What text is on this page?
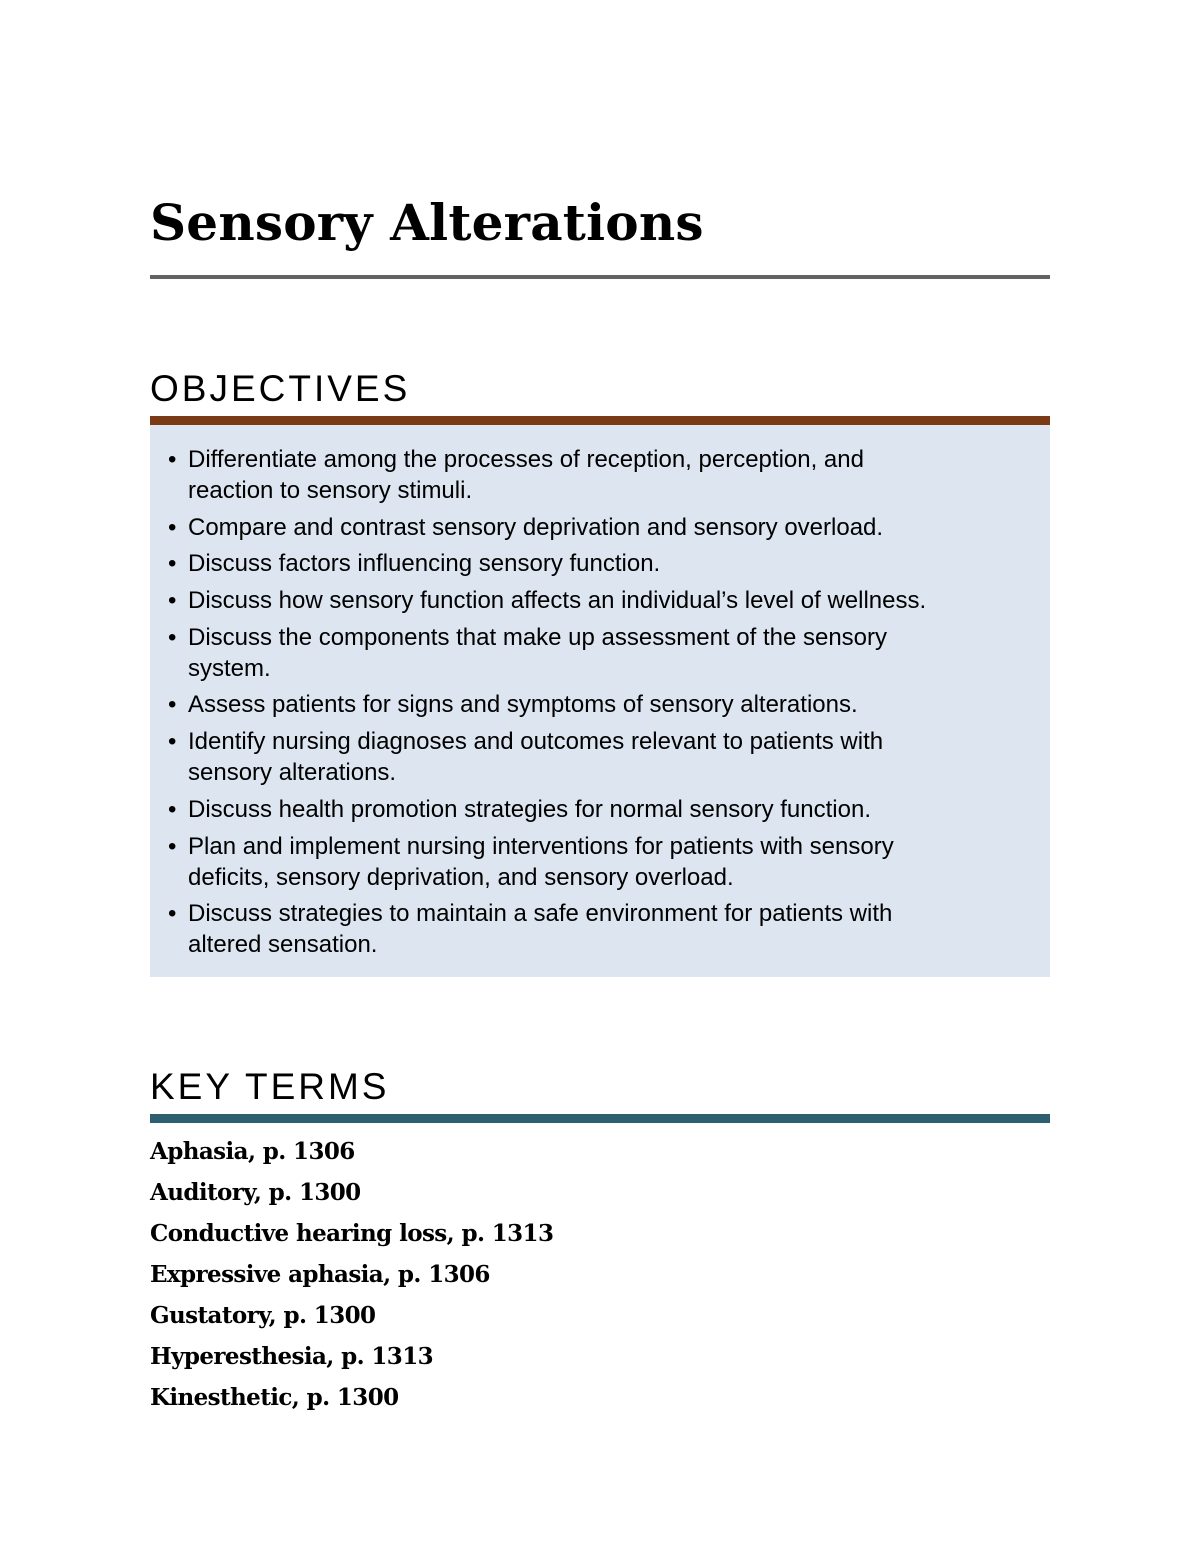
Sensory Alterations
OBJECTIVES
• Differentiate among the processes of reception, perception, and
reaction to sensory stimuli.
• Compare and contrast sensory deprivation and sensory overload.
• Discuss factors influencing sensory function.
• Discuss how sensory function affects an individual’s level of wellness.
• Discuss the components that make up assessment of the sensory
system.
• Assess patients for signs and symptoms of sensory alterations.
• Identify nursing diagnoses and outcomes relevant to patients with
sensory alterations.
• Discuss health promotion strategies for normal sensory function.
• Plan and implement nursing interventions for patients with sensory
deficits, sensory deprivation, and sensory overload.
• Discuss strategies to maintain a safe environment for patients with
altered sensation.
KEY TERMS
Aphasia, p. 1306
Auditory, p. 1300
Conductive hearing loss, p. 1313
Expressive aphasia, p. 1306
Gustatory, p. 1300
Hyperesthesia, p. 1313
Kinesthetic, p. 1300
